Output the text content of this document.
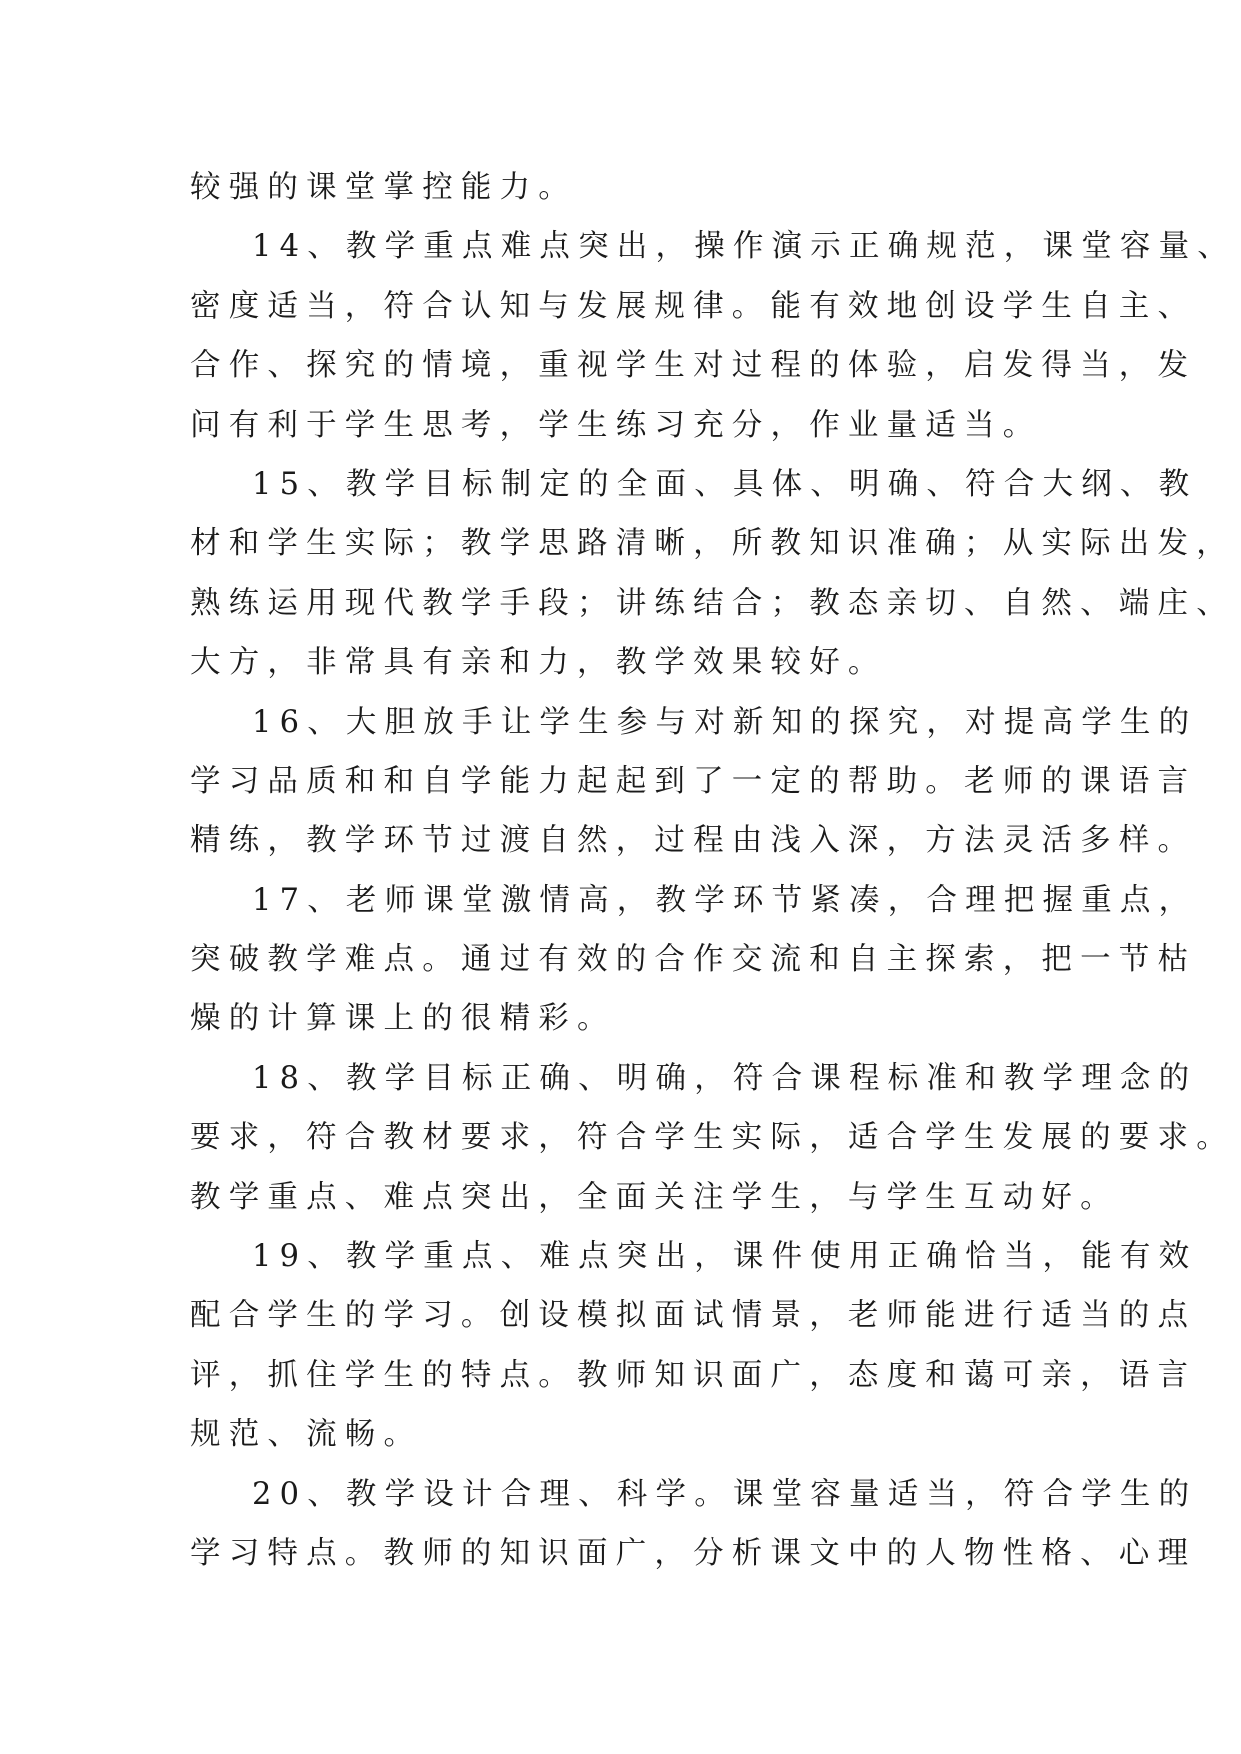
较强的课堂掌控能力。
14、教学重点难点突出，操作演示正确规范，课堂容量、
密度适当，符合认知与发展规律。能有效地创设学生自主、
合作、探究的情境，重视学生对过程的体验，启发得当，发
问有利于学生思考，学生练习充分，作业量适当。
15、教学目标制定的全面、具体、明确、符合大纲、教
材和学生实际；教学思路清晰，所教知识准确；从实际出发，
熟练运用现代教学手段；讲练结合；教态亲切、自然、端庄、
大方，非常具有亲和力，教学效果较好。
16、大胆放手让学生参与对新知的探究，对提高学生的
学习品质和和自学能力起起到了一定的帮助。老师的课语言
精练，教学环节过渡自然，过程由浅入深，方法灵活多样。
17、老师课堂激情高，教学环节紧凑，合理把握重点，
突破教学难点。通过有效的合作交流和自主探索，把一节枯
燥的计算课上的很精彩。
18、教学目标正确、明确，符合课程标准和教学理念的
要求，符合教材要求，符合学生实际，适合学生发展的要求。
教学重点、难点突出，全面关注学生，与学生互动好。
19、教学重点、难点突出，课件使用正确恰当，能有效
配合学生的学习。创设模拟面试情景，老师能进行适当的点
评，抓住学生的特点。教师知识面广，态度和蔼可亲，语言
规范、流畅。
20、教学设计合理、科学。课堂容量适当，符合学生的
学习特点。教师的知识面广，分析课文中的人物性格、心理
